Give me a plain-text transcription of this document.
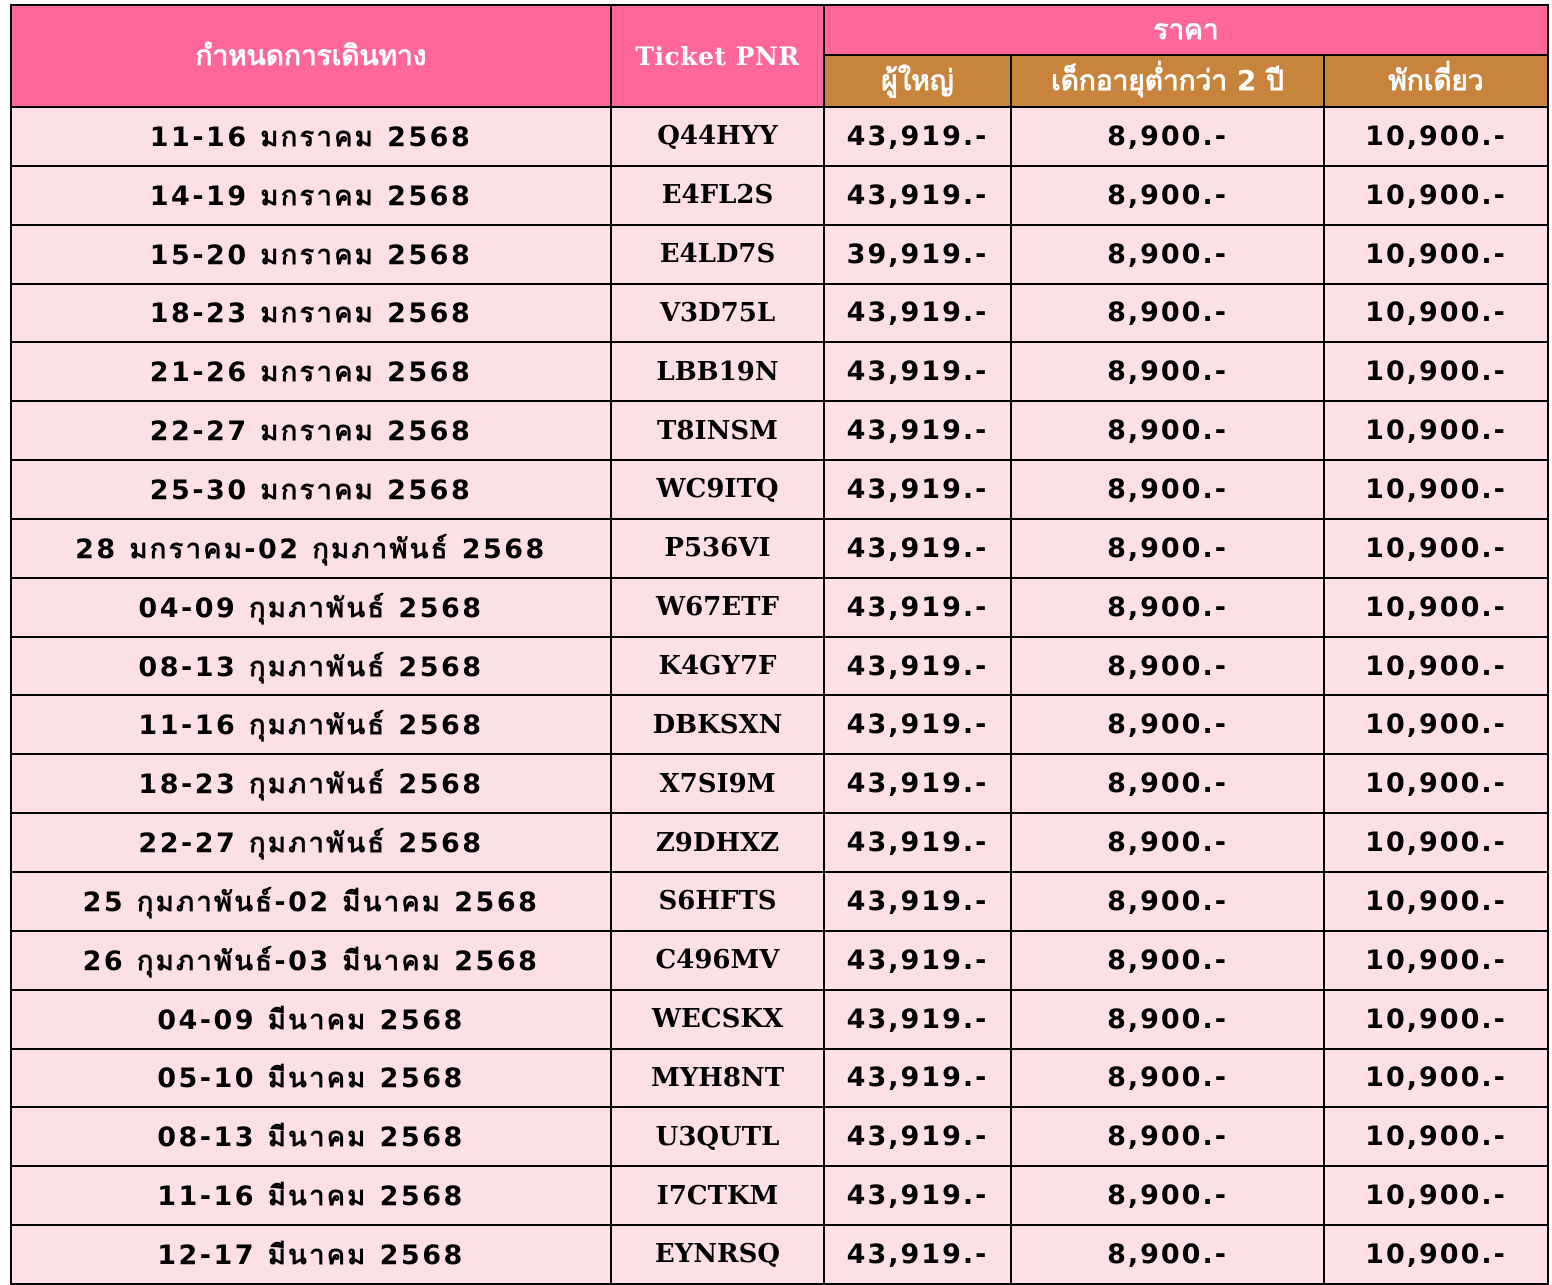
กำหนดการเดินทาง	Ticket PNR
ราคา
ผู้ใหญ่	เด็กอายุต่ำกว่า 2 ปี	พักเดี่ยว
11-16 มกราคม 2568	Q44HYY	43,919.-	8,900.-	10,900.-
14-19 มกราคม 2568	E4FL2S	43,919.-	8,900.-	10,900.-
15-20 มกราคม 2568	E4LD7S	39,919.-	8,900.-	10,900.-
18-23 มกราคม 2568	V3D75L	43,919.-	8,900.-	10,900.-
21-26 มกราคม 2568	LBB19N	43,919.-	8,900.-	10,900.-
22-27 มกราคม 2568	T8INSM	43,919.-	8,900.-	10,900.-
25-30 มกราคม 2568	WC9ITQ	43,919.-	8,900.-	10,900.-
28 มกราคม-02 กุมภาพันธ์ 2568	P536VI	43,919.-	8,900.-	10,900.-
04-09 กุมภาพันธ์ 2568	W67ETF	43,919.-	8,900.-	10,900.-
08-13 กุมภาพันธ์ 2568	K4GY7F	43,919.-	8,900.-	10,900.-
11-16 กุมภาพันธ์ 2568	DBKSXN	43,919.-	8,900.-	10,900.-
18-23 กุมภาพันธ์ 2568	X7SI9M	43,919.-	8,900.-	10,900.-
22-27 กุมภาพันธ์ 2568	Z9DHXZ	43,919.-	8,900.-	10,900.-
25 กุมภาพันธ์-02 มีนาคม 2568	S6HFTS	43,919.-	8,900.-	10,900.-
26 กุมภาพันธ์-03 มีนาคม 2568	C496MV	43,919.-	8,900.-	10,900.-
04-09 มีนาคม 2568	WECSKX	43,919.-	8,900.-	10,900.-
05-10 มีนาคม 2568	MYH8NT	43,919.-	8,900.-	10,900.-
08-13 มีนาคม 2568	U3QUTL	43,919.-	8,900.-	10,900.-
11-16 มีนาคม 2568	I7CTKM	43,919.-	8,900.-	10,900.-
12-17 มีนาคม 2568	EYNRSQ	43,919.-	8,900.-	10,900.-
